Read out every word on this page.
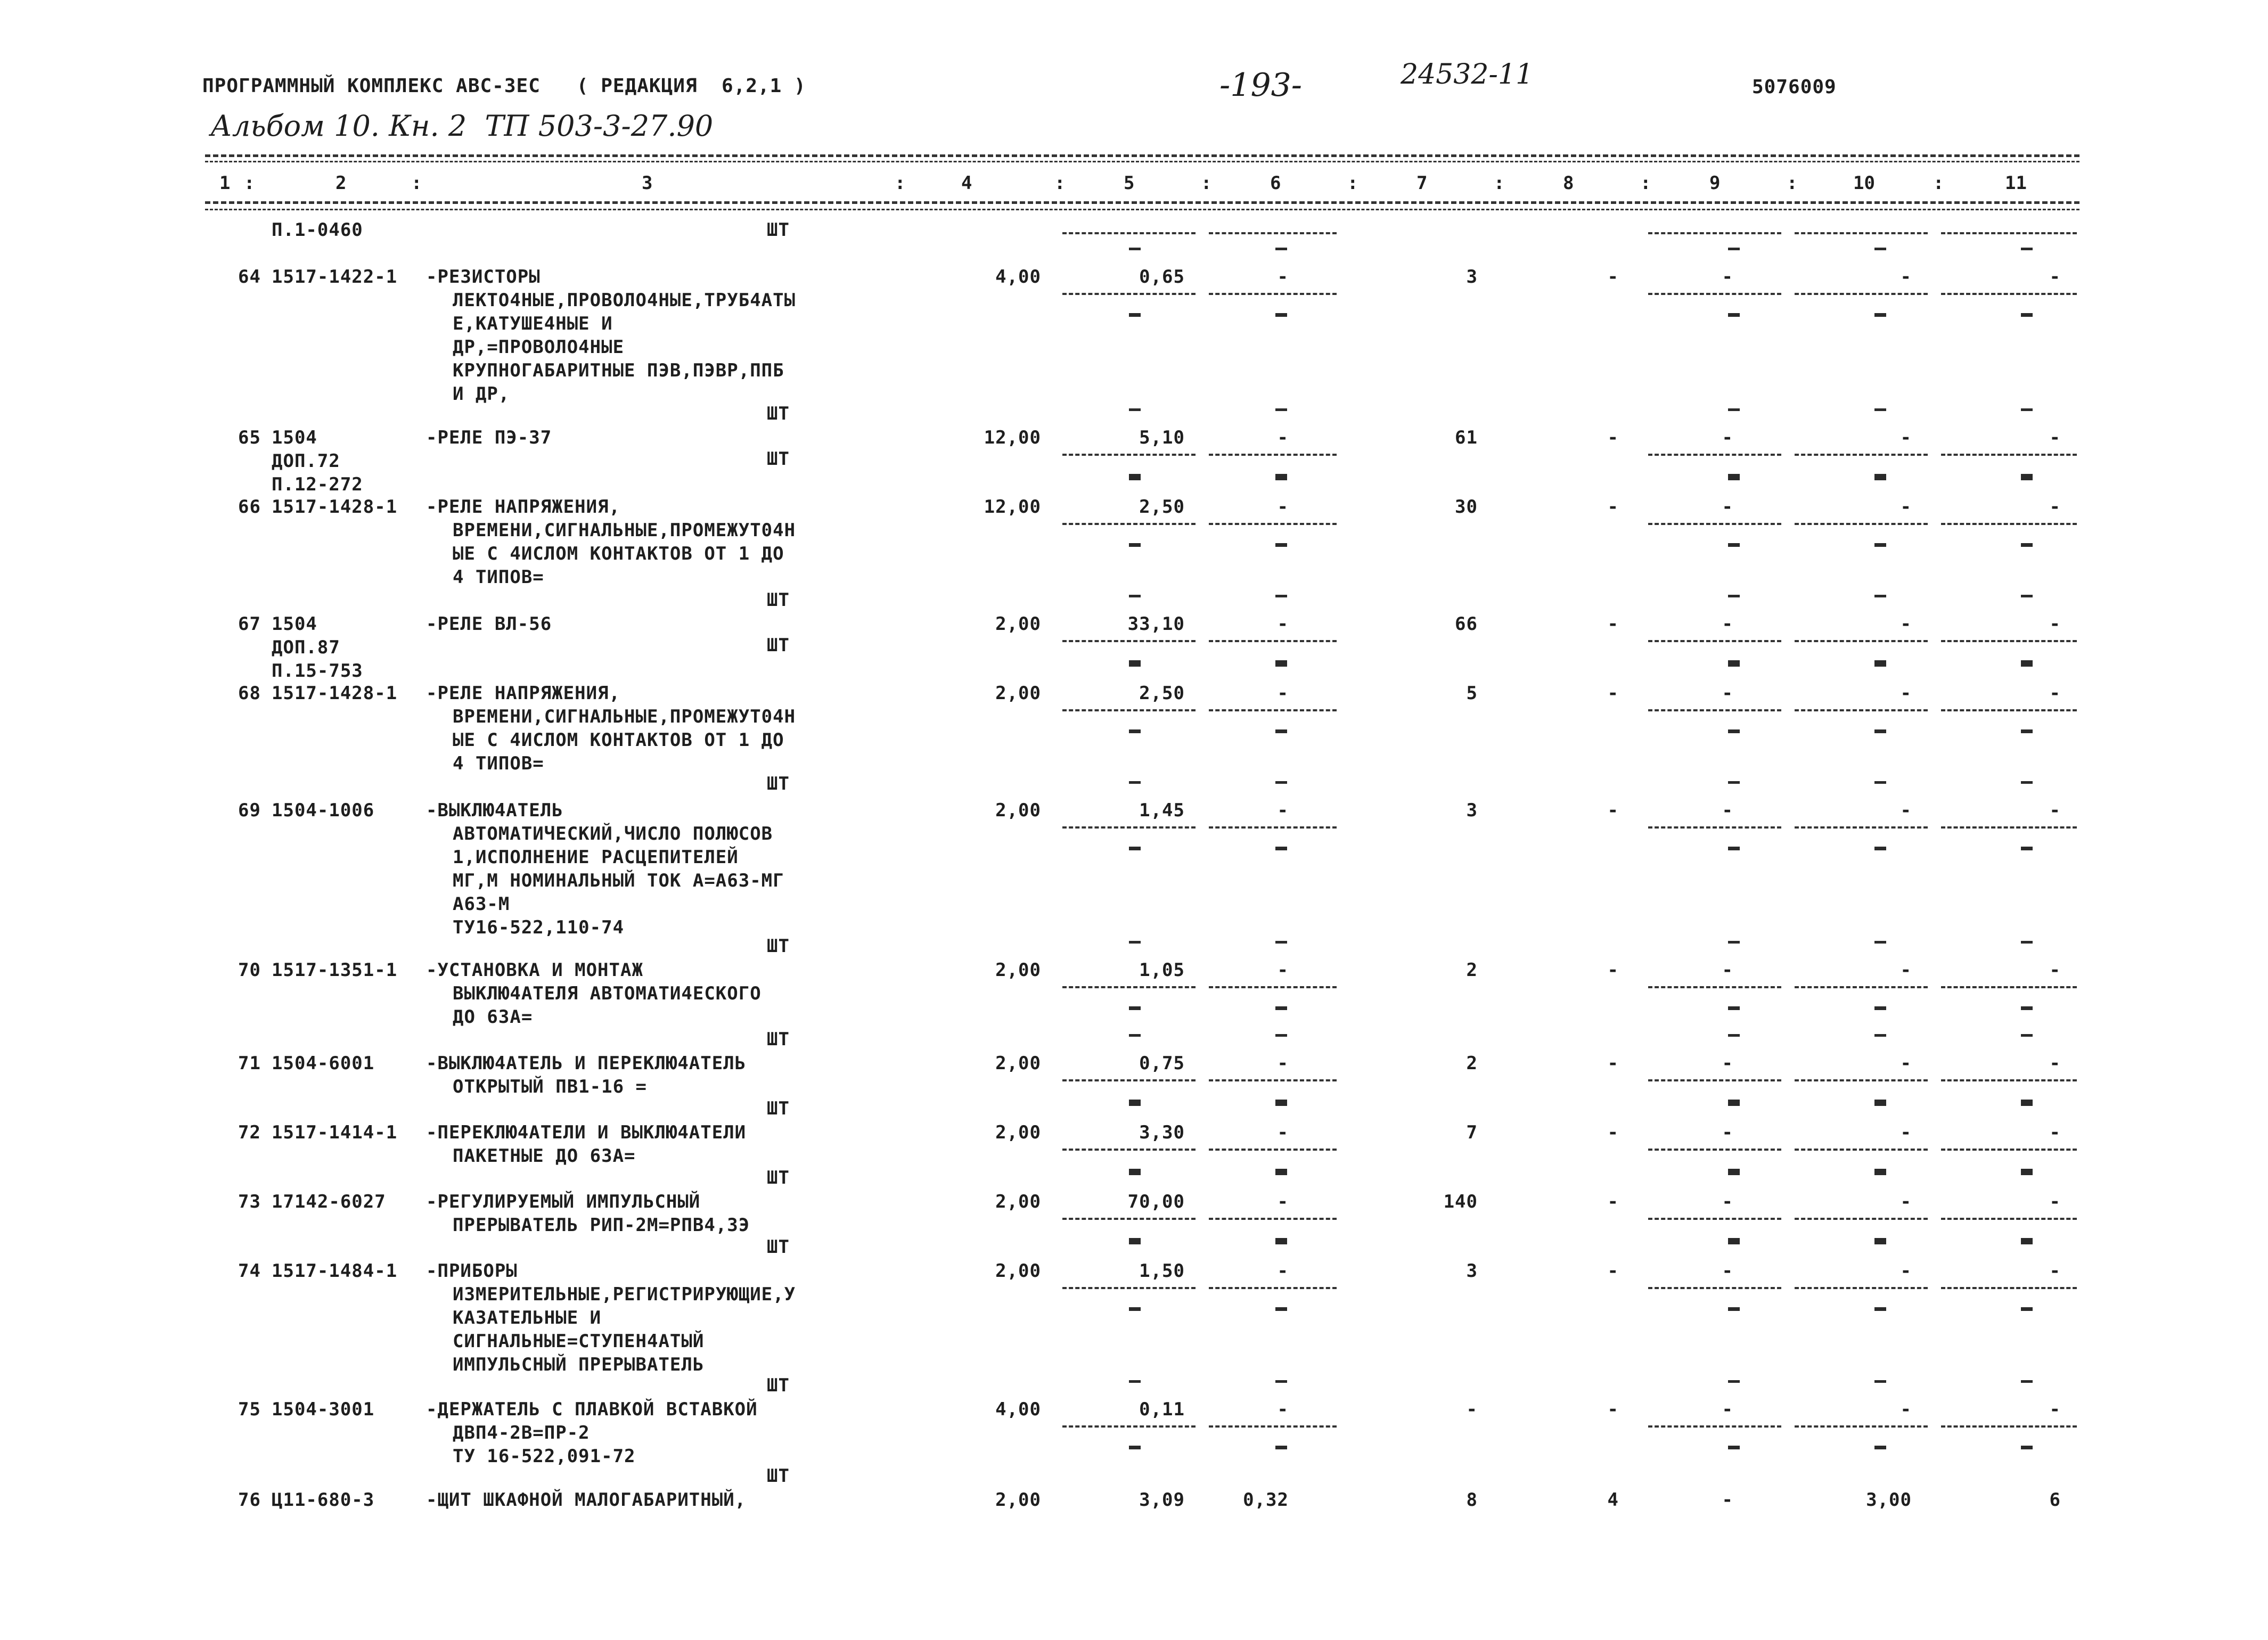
ПРОГРАММНЫЙ КОМПЛЕКС АВС-3ЕС   ( РЕДАКЦИЯ  6,2,1 )
Альбом 10. Кн. 2  ТП 503-3-27.90
-193-	24532-11	5076009
1 :	2	:	3	:	4	:	5	:	6	:	7	:	8	:	9	:	10	:	11
П.1-0460	ШТ
64 1517-1422-1 -РЕЗИСТОРЫ
ЛЕКТО4НЫЕ,ПРОВОЛО4НЫЕ,ТРУБ4АТЫ
Е,КАТУШЕ4НЫЕ И
ДР,=ПРОВОЛО4НЫЕ
КРУПНОГАБАРИТНЫЕ ПЭВ,ПЭВР,ППБ
И ДР,
4,00	0,65	-	3	-	-	-	-
ШТ
65 1504
ДОП.72
П.12-272
-РЕЛЕ ПЭ-37	12,00	5,10	-	61	-	-	-	-
ШТ
66 1517-1428-1 -РЕЛЕ НАПРЯЖЕНИЯ,
ВРЕМЕНИ,СИГНАЛЬНЫЕ,ПРОМЕЖУТ04Н
ЫЕ С 4ИСЛОМ КОНТАКТОВ ОТ 1 ДО
4 ТИПОВ=
12,00	2,50	-	30	-	-	-	-
ШТ
67 1504
ДОП.87
П.15-753
-РЕЛЕ ВЛ-56	2,00	33,10	-	66	-	-	-	-
ШТ
68 1517-1428-1 -РЕЛЕ НАПРЯЖЕНИЯ,
ВРЕМЕНИ,СИГНАЛЬНЫЕ,ПРОМЕЖУТ04Н
ЫЕ С 4ИСЛОМ КОНТАКТОВ ОТ 1 ДО
4 ТИПОВ=
2,00	2,50	-	5	-	-	-	-
ШТ
69 1504-1006	-ВЫКЛЮ4АТЕЛЬ
АВТОМАТИЧЕСКИЙ,ЧИСЛО ПОЛЮСОВ
1,ИСПОЛНЕНИЕ РАСЦЕПИТЕЛЕЙ
МГ,М НОМИНАЛЬНЫЙ ТОК А=А63-МГ
А63-М
ТУ16-522,110-74
2,00	1,45	-	3	-	-	-	-
ШТ
70 1517-1351-1 -УСТАНОВКА И МОНТАЖ
ВЫКЛЮ4АТЕЛЯ АВТОМАТИ4ЕСКОГО
ДО 63А=
2,00	1,05	-	2	-	-	-	-
ШТ
71 1504-6001	-ВЫКЛЮ4АТЕЛЬ И ПЕРЕКЛЮ4АТЕЛЬ
ОТКРЫТЫЙ ПВ1-16 =
2,00	0,75	-	2	-	-	-	-
ШТ
72 1517-1414-1 -ПЕРЕКЛЮ4АТЕЛИ И ВЫКЛЮ4АТЕЛИ
ПАКЕТНЫЕ ДО 63А=
2,00	3,30	-	7	-	-	-	-
ШТ
73 17142-6027 -РЕГУЛИРУЕМЫЙ ИМПУЛЬСНЫЙ
ПРЕРЫВАТЕЛЬ РИП-2М=РПВ4,3Э
2,00	70,00	-	140	-	-	-	-
ШТ
74 1517-1484-1 -ПРИБОРЫ
ИЗМЕРИТЕЛЬНЫЕ,РЕГИСТРИРУЮЩИЕ,У
КАЗАТЕЛЬНЫЕ И
СИГНАЛЬНЫЕ=СТУПЕН4АТЫЙ
ИМПУЛЬСНЫЙ ПРЕРЫВАТЕЛЬ
2,00	1,50	-	3	-	-	-	-
ШТ
75 1504-3001	-ДЕРЖАТЕЛЬ С ПЛАВКОЙ ВСТАВКОЙ
ДВП4-2В=ПР-2
ТУ 16-522,091-72
4,00	0,11	-	-	-	-	-	-
ШТ
76 Ц11-680-3	-ЩИТ ШКАФНОЙ МАЛОГАБАРИТНЫЙ,	2,00	3,09	0,32	8	4	-	3,00	6
